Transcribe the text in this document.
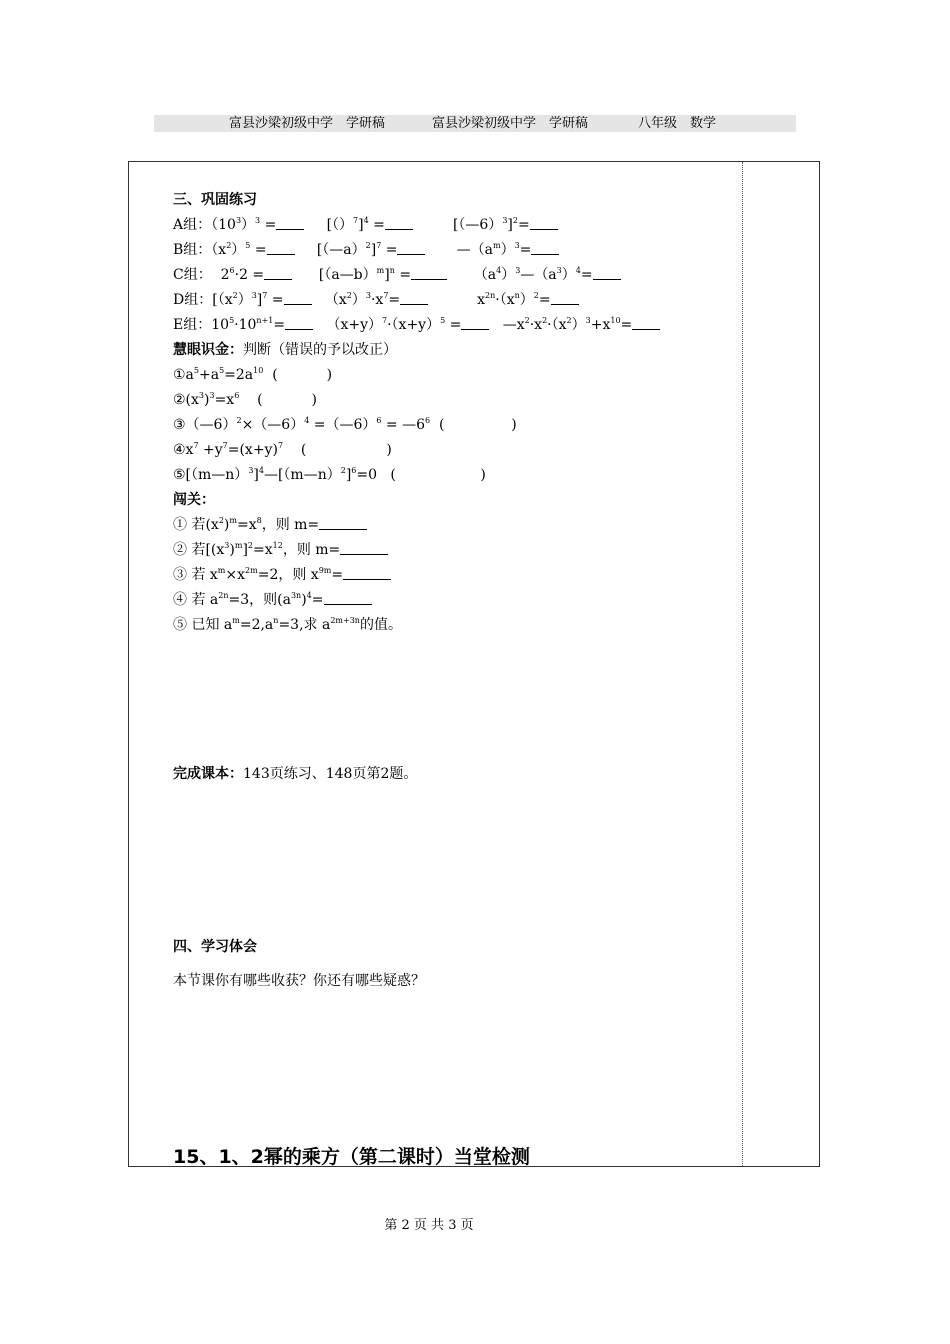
富县沙梁初级中学　学研稿	富县沙梁初级中学　学研稿	八年级　数学
三、巩固练习
A组：$(10^3)^3$ =     $[()^7]^4$ =         [（—6）$^3$]$^2$=
B组：$(x^2)^5$ =     [（—a）$^2$]$^7$ =       $—(a^m)^3=$
C组：  $2^6\cdot 2$ =      [（a—b）$^m$]$^n$ =	$(a^4)^3—(a^3)^4=$
D组：$[(x^2)^3]^7 = (x^2)^3\cdot x^7=$           $x^{2n}\cdot(x^n)^2=$
E组：$10^5\cdot 10^{n+1}= (x+y)^7\cdot(x+y)^5$ =   $—x^2\cdot x^2\cdot(x^2)^3+x^{10}=$
慧眼识金：判断（错误的予以改正）
$①a^5+a^5=2a^{10}$  (           )
$②(x^3)^3=x^6$    (           )
③（—6）$^2$×（—6）$^4$ =（—6）$^6$ = $—6^6$  (               )
$④x^7 +y^7=(x+y)^7$    (                  )
⑤[（m—n）$^3$]$^4$—[（m—n）$^2$]$^6$=0   (                   )
闯关：
① 若$(x^2)^m=x^8$，则 m=
② 若$[(x^3)^m]^2=x^{12}$，则 m=
③ 若 $x^m\times x^{2m}=2$，则 $x^{9m}=$
④ 若 $a^{2n}=3$，则$(a^{3n})^4=$
⑤ 已知 $a^m=2,a^n=3$,求 $a^{2m+3n}$的值。
完成课本：143页练习、148页第2题。
四、学习体会
本节课你有哪些收获？你还有哪些疑惑？
15、1、2幂的乘方（第二课时）当堂检测
第 2 页 共 3 页
